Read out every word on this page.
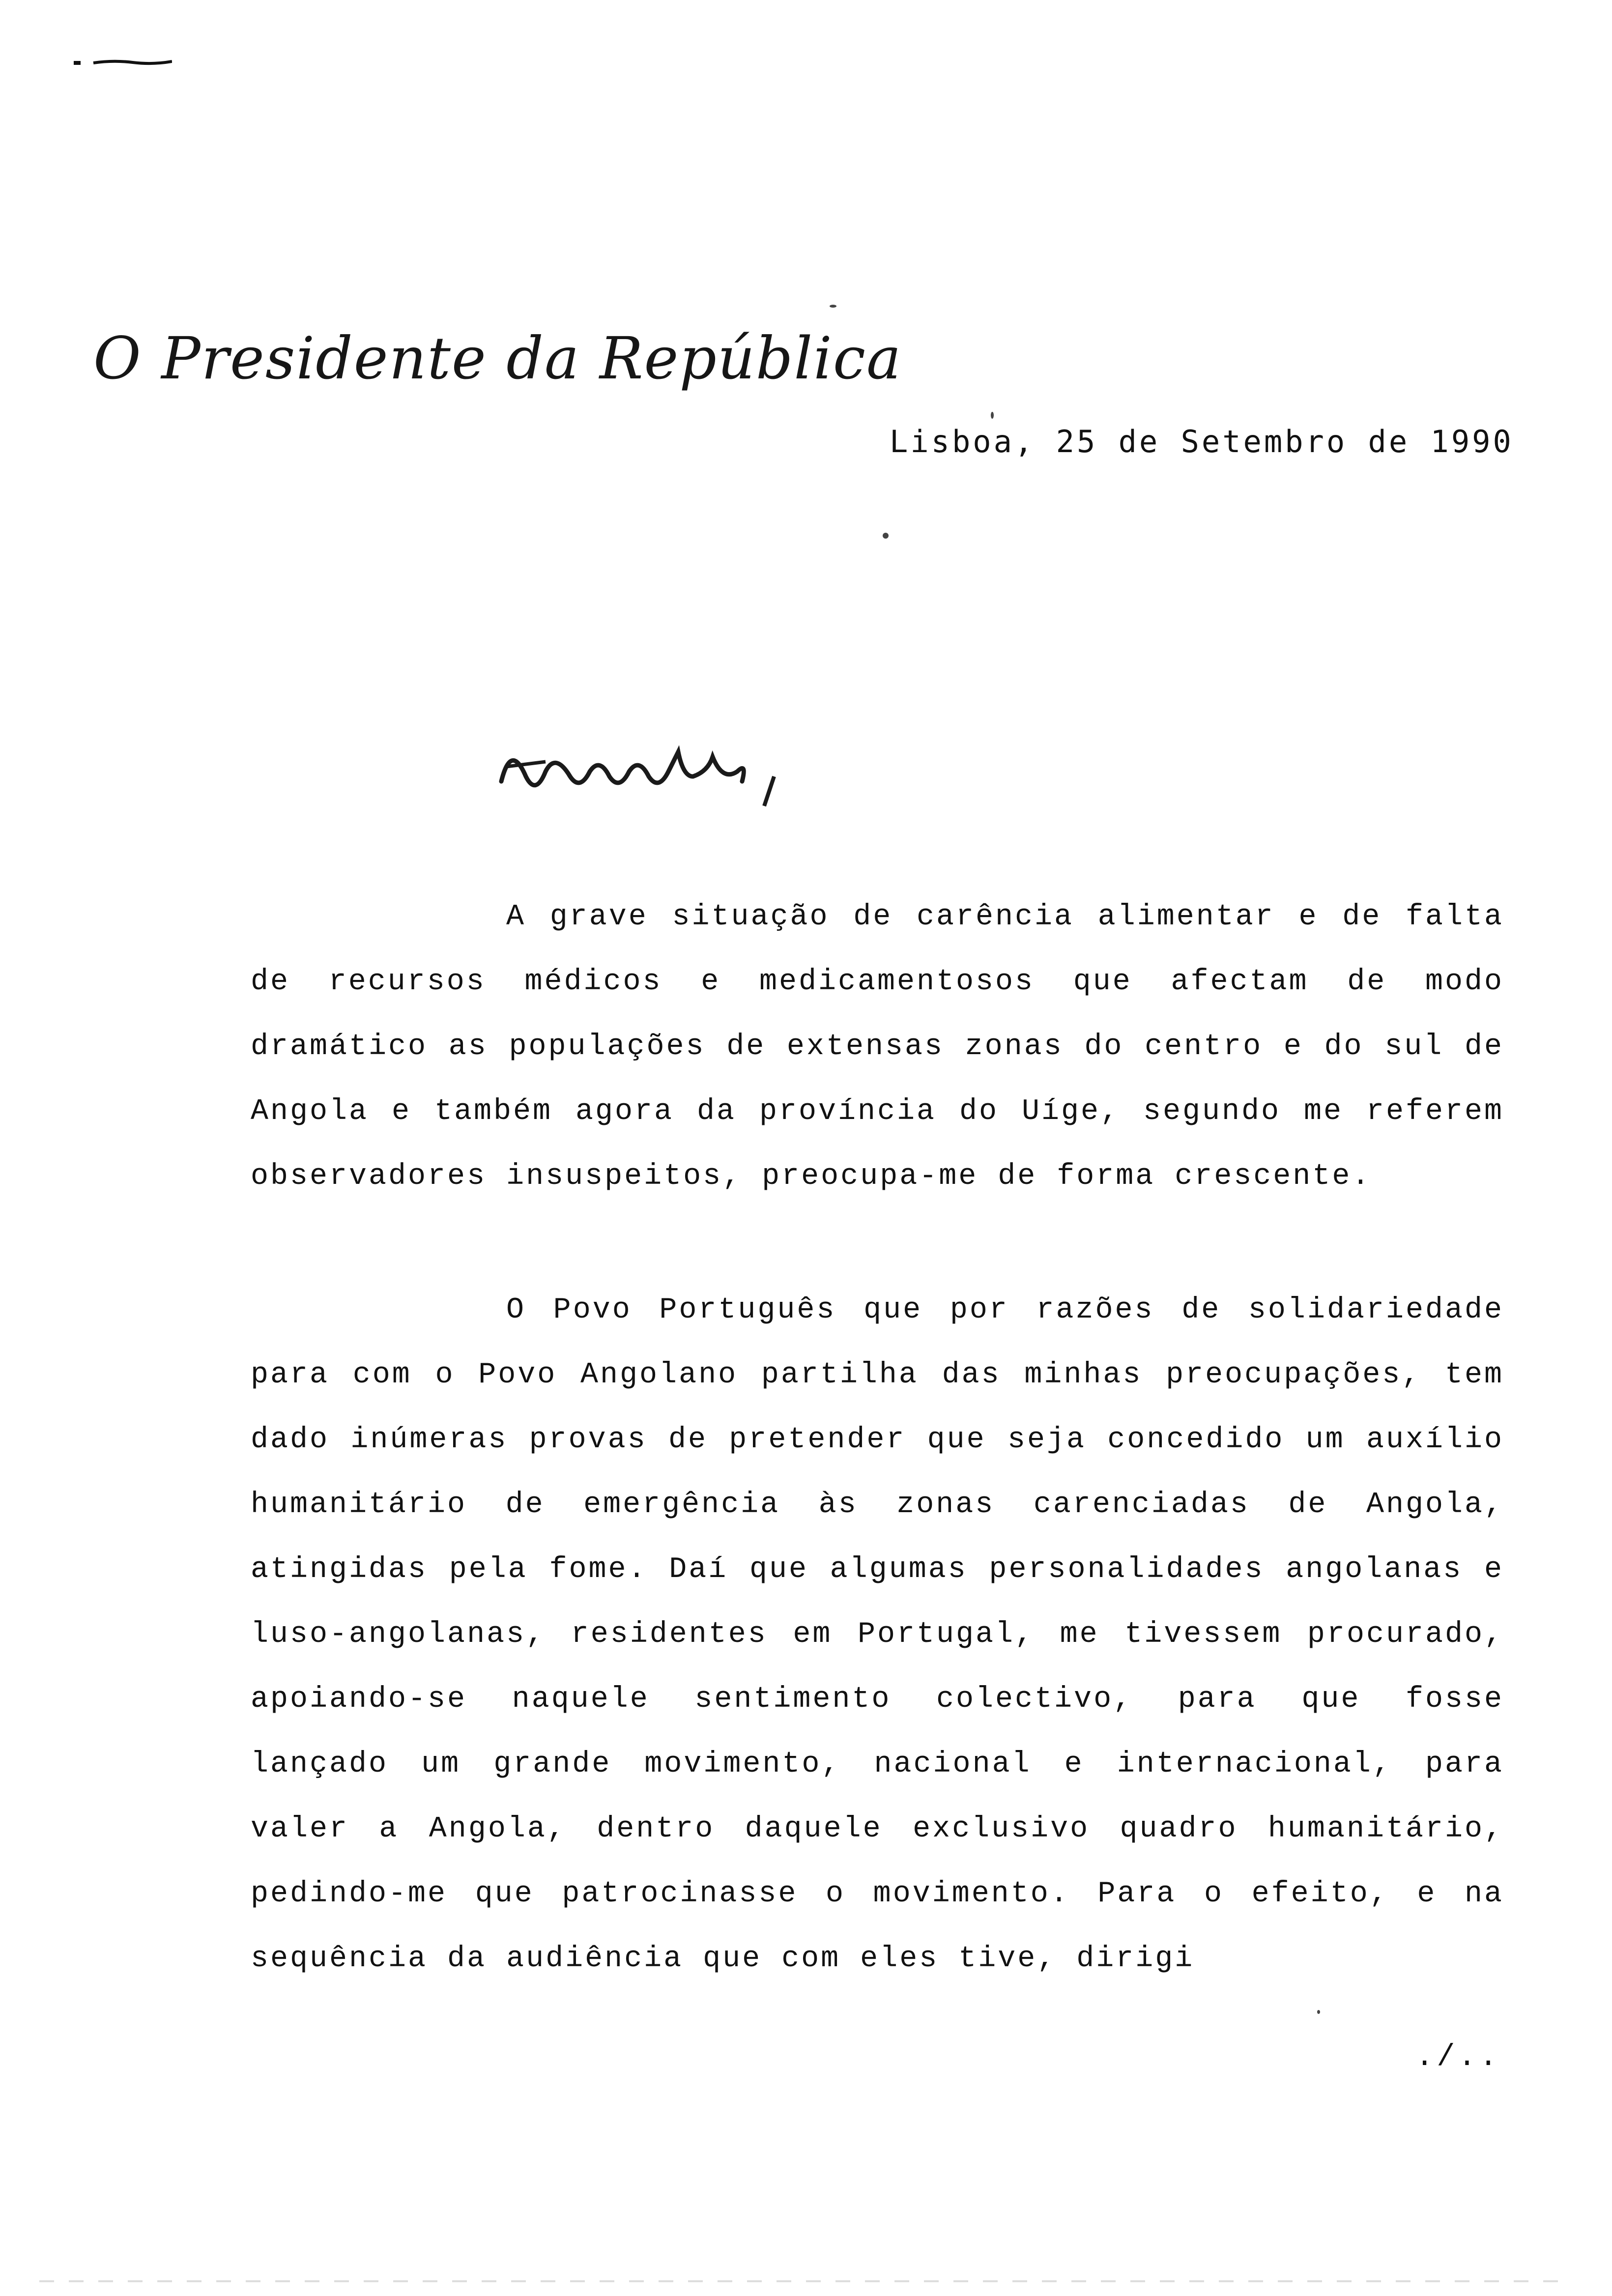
O Presidente da República
Lisboa, 25 de Setembro de 1990

A grave situação de carência alimentar e de falta de recursos médicos e medicamentosos que afectam de modo dramático as populações de extensas zonas do centro e do sul de Angola e também agora da província do Uíge, segundo me referem observadores insuspeitos, preocupa-me de forma crescente.

O Povo Português que por razões de solidariedade para com o Povo Angolano partilha das minhas preocupações, tem dado inúmeras provas de pretender que seja concedido um auxílio humanitário de emergência às zonas carenciadas de Angola, atingidas pela fome. Daí que algumas personalidades angolanas e luso-angolanas, residentes em Portugal, me tivessem procurado, apoiando-se naquele sentimento colectivo, para que fosse lançado um grande movimento, nacional e internacional, para valer a Angola, dentro daquele exclusivo quadro humanitário, pedindo-me que patrocinasse o movimento. Para o efeito, e na sequência da audiência que com eles tive, dirigi

./..
